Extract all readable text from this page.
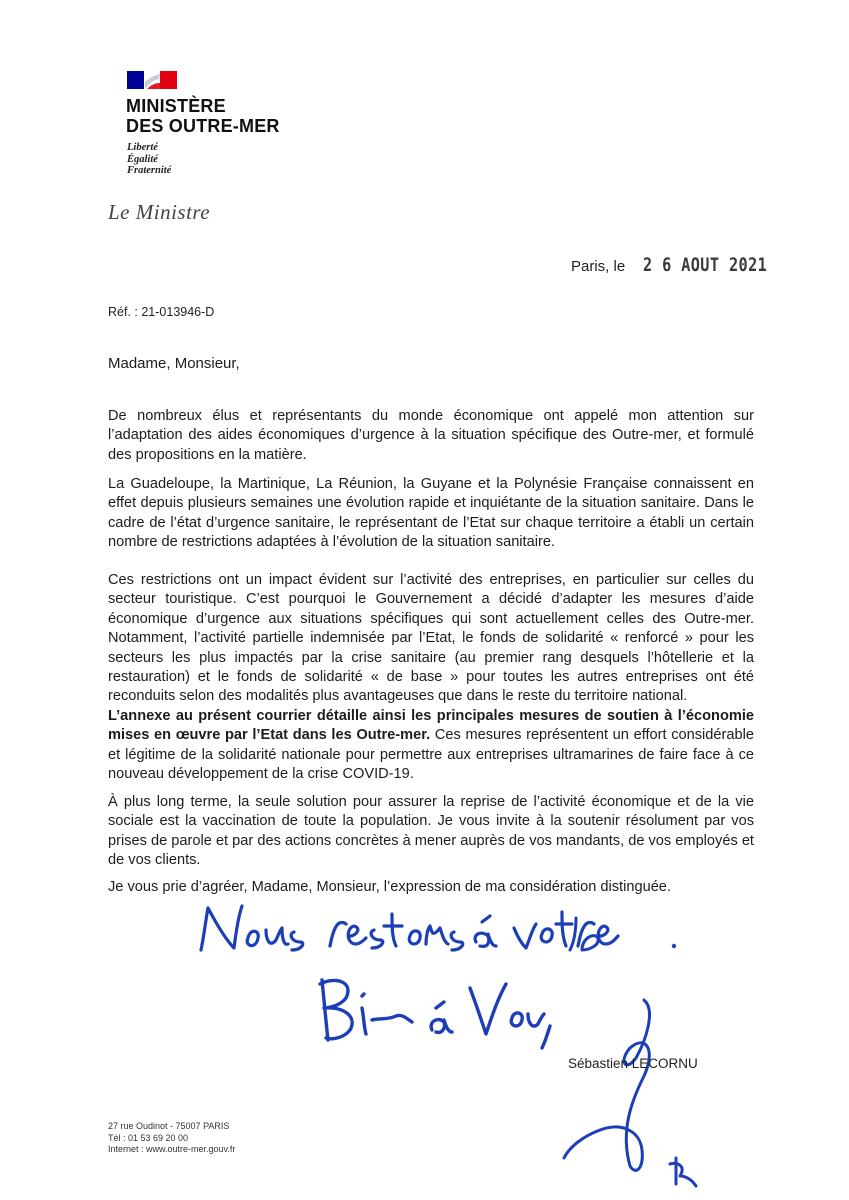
MINISTÈRE
DES OUTRE-MER
Liberté
Égalité
Fraternité
Le Ministre
Paris, le 2 6 AOUT 2021
Réf. : 21-013946-D
Madame, Monsieur,

De nombreux élus et représentants du monde économique ont appelé mon attention sur l’adaptation des aides économiques d’urgence à la situation spécifique des Outre-mer, et formulé des propositions en la matière.

La Guadeloupe, la Martinique, La Réunion, la Guyane et la Polynésie Française connaissent en effet depuis plusieurs semaines une évolution rapide et inquiétante de la situation sanitaire. Dans le cadre de l’état d’urgence sanitaire, le représentant de l’Etat sur chaque territoire a établi un certain nombre de restrictions adaptées à l’évolution de la situation sanitaire.

Ces restrictions ont un impact évident sur l’activité des entreprises, en particulier sur celles du secteur touristique. C’est pourquoi le Gouvernement a décidé d’adapter les mesures d’aide économique d’urgence aux situations spécifiques qui sont actuellement celles des Outre-mer. Notamment, l’activité partielle indemnisée par l’Etat, le fonds de solidarité « renforcé » pour les secteurs les plus impactés par la crise sanitaire (au premier rang desquels l’hôtellerie et la restauration) et le fonds de solidarité « de base » pour toutes les autres entreprises ont été reconduits selon des modalités plus avantageuses que dans le reste du territoire national.

L’annexe au présent courrier détaille ainsi les principales mesures de soutien à l’économie mises en œuvre par l’Etat dans les Outre-mer. Ces mesures représentent un effort considérable et légitime de la solidarité nationale pour permettre aux entreprises ultramarines de faire face à ce nouveau développement de la crise COVID-19.

À plus long terme, la seule solution pour assurer la reprise de l’activité économique et de la vie sociale est la vaccination de toute la population. Je vous invite à la soutenir résolument par vos prises de parole et par des actions concrètes à mener auprès de vos mandants, de vos employés et de vos clients.

Je vous prie d’agréer, Madame, Monsieur, l’expression de ma considération distinguée.
Sébastien LECORNU
27 rue Oudinot - 75007 PARIS
Tél : 01 53 69 20 00
Internet : www.outre-mer.gouv.fr
